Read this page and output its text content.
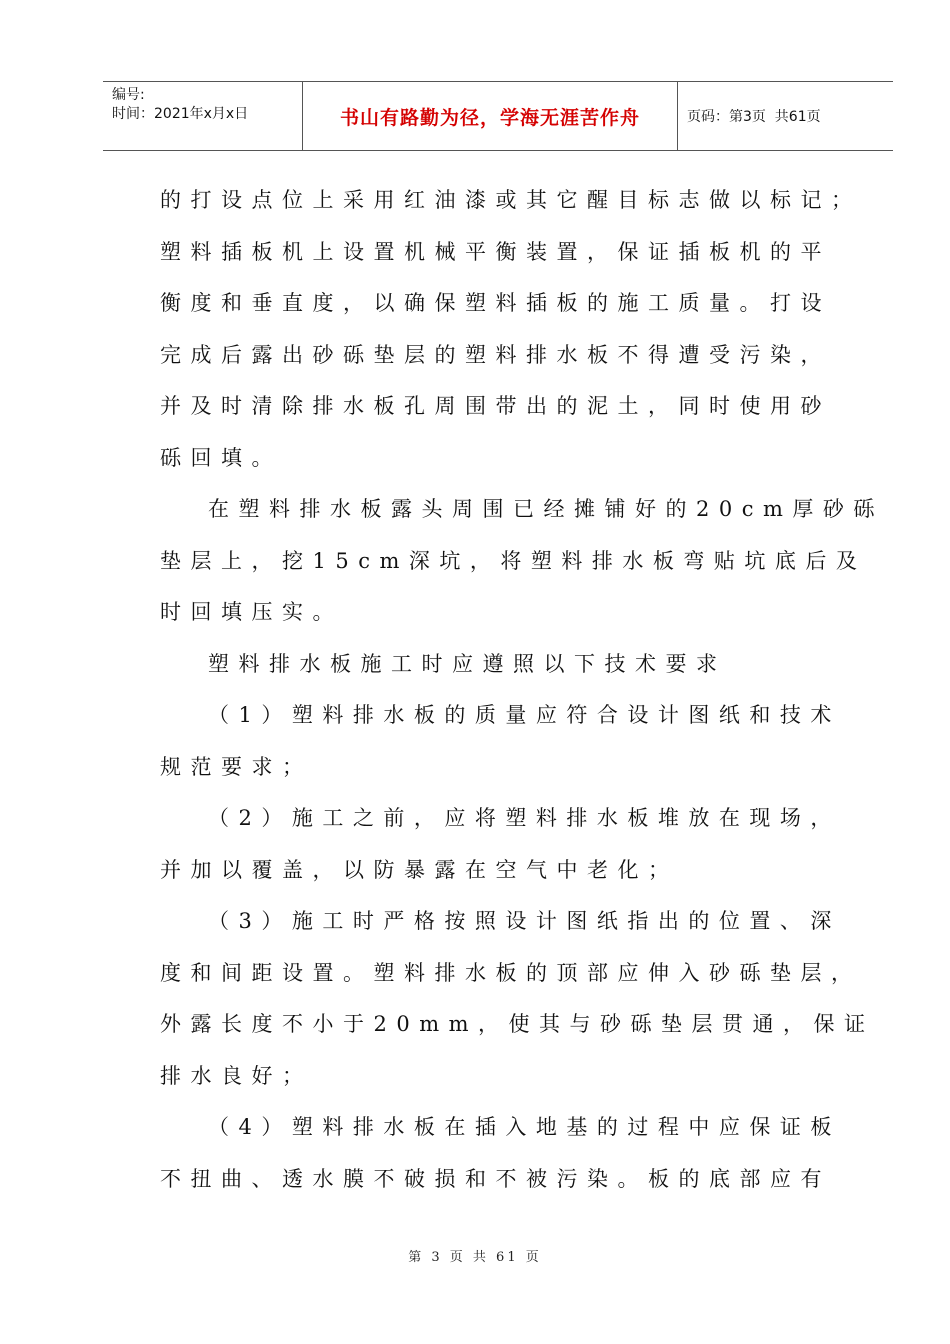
编号:
时间：2021年x月x日	书山有路勤为径，学海无涯苦作舟	页码：第3页  共61页
的打设点位上采用红油漆或其它醒目标志做以标记；
塑料插板机上设置机械平衡装置，保证插板机的平
衡度和垂直度，以确保塑料插板的施工质量。打设
完成后露出砂砾垫层的塑料排水板不得遭受污染，
并及时清除排水板孔周围带出的泥土，同时使用砂
砾回填。
在塑料排水板露头周围已经摊铺好的20cm厚砂砾
垫层上，挖15cm深坑，将塑料排水板弯贴坑底后及
时回填压实。
塑料排水板施工时应遵照以下技术要求
（1）塑料排水板的质量应符合设计图纸和技术
规范要求；
（2）施工之前，应将塑料排水板堆放在现场，
并加以覆盖，以防暴露在空气中老化；
（3）施工时严格按照设计图纸指出的位置、深
度和间距设置。塑料排水板的顶部应伸入砂砾垫层，
外露长度不小于20mm，使其与砂砾垫层贯通，保证
排水良好；
（4）塑料排水板在插入地基的过程中应保证板
不扭曲、透水膜不破损和不被污染。板的底部应有
第 3 页 共 61 页
